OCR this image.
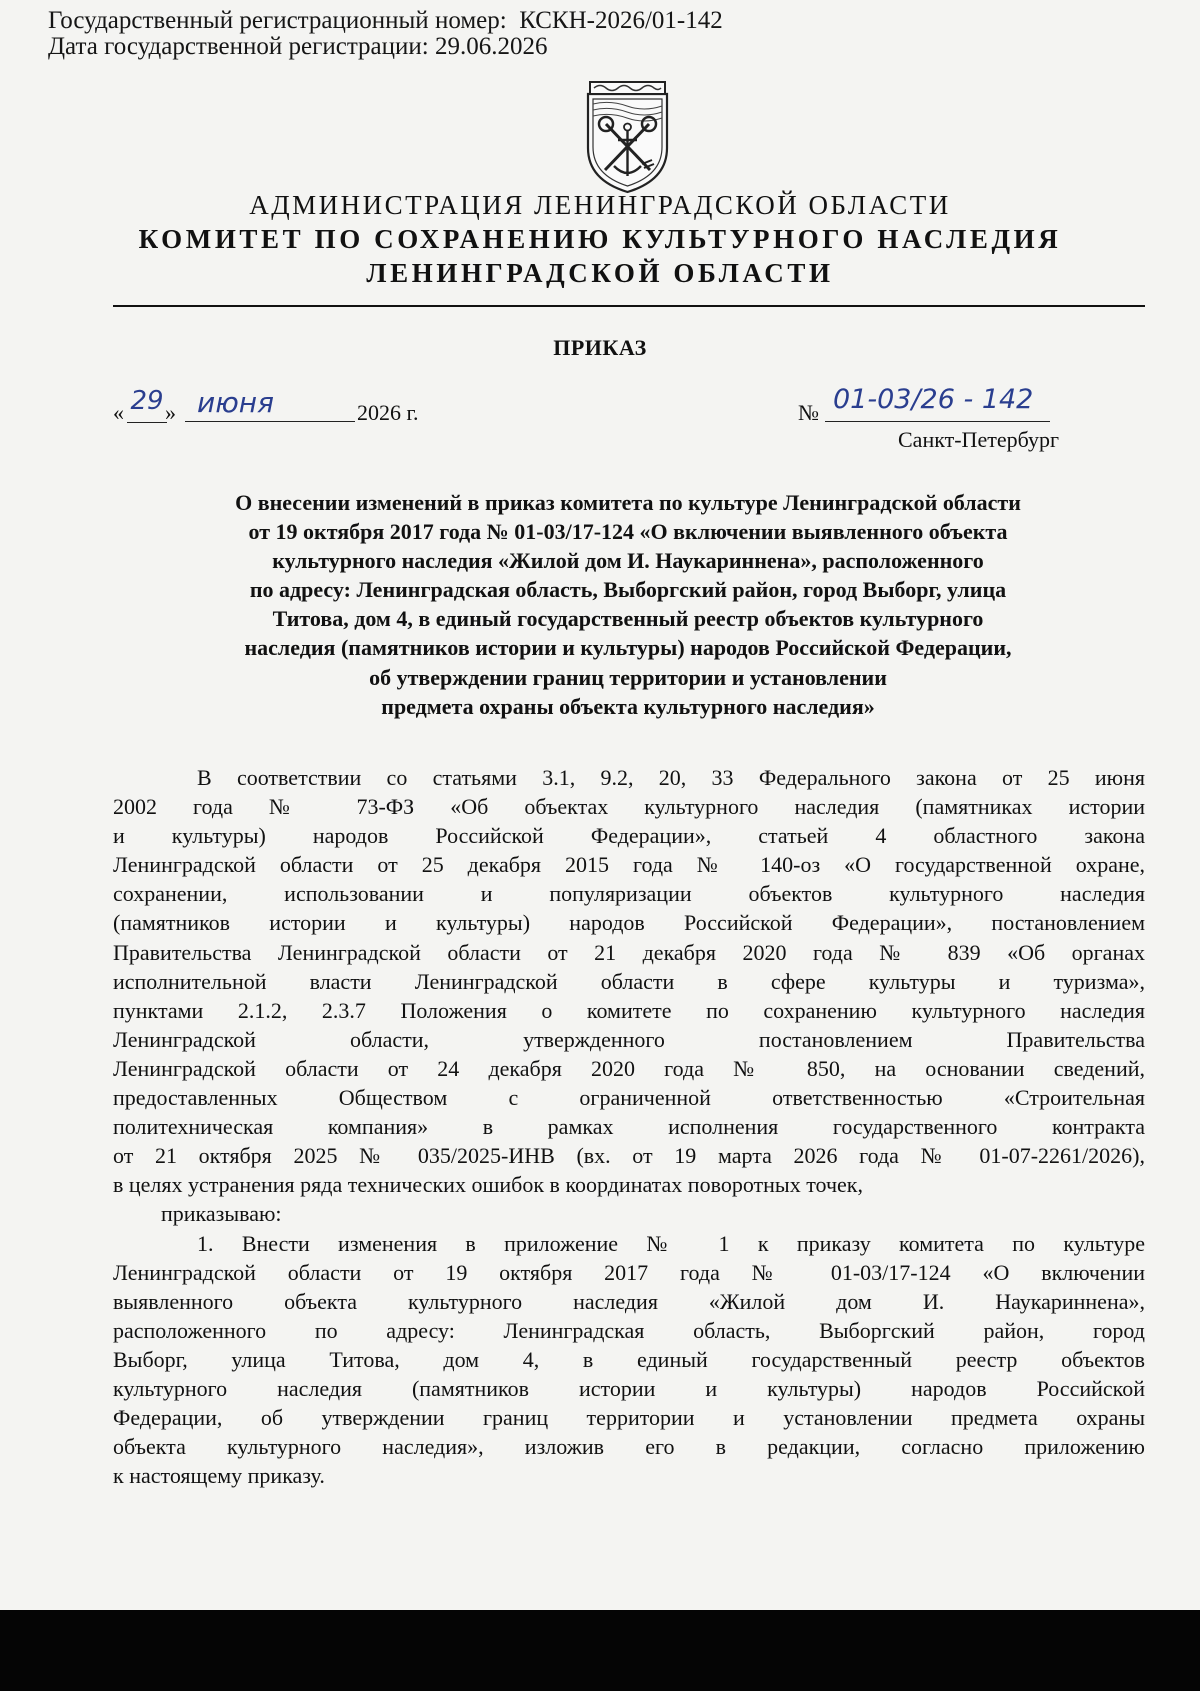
Государственный регистрационный номер:  КСКН-2026/01-142
Дата государственной регистрации: 29.06.2026
АДМИНИСТРАЦИЯ ЛЕНИНГРАДСКОЙ ОБЛАСТИ
КОМИТЕТ ПО СОХРАНЕНИЮ КУЛЬТУРНОГО НАСЛЕДИЯ
ЛЕНИНГРАДСКОЙ ОБЛАСТИ
ПРИКАЗ
« 29 » июня	2026 г.	№ 01-03/26 - 142
Санкт-Петербург
О внесении изменений в приказ комитета по культуре Ленинградской области
от 19 октября 2017 года № 01-03/17-124 «О включении выявленного объекта
культурного наследия «Жилой дом И. Наукариннена», расположенного
по адресу: Ленинградская область, Выборгский район, город Выборг, улица
Титова, дом 4, в единый государственный реестр объектов культурного
наследия (памятников истории и культуры) народов Российской Федерации,
об утверждении границ территории и установлении
предмета охраны объекта культурного наследия»
В соответствии со статьями 3.1, 9.2, 20, 33 Федерального закона от 25 июня
2002 года № 73-ФЗ «Об объектах культурного наследия (памятниках истории
и культуры) народов Российской Федерации», статьей 4 областного закона
Ленинградской области от 25 декабря 2015 года № 140-оз «О государственной охране,
сохранении, использовании и популяризации объектов культурного наследия
(памятников истории и культуры) народов Российской Федерации», постановлением
Правительства Ленинградской области от 21 декабря 2020 года № 839 «Об органах
исполнительной власти Ленинградской области в сфере культуры и туризма»,
пунктами 2.1.2, 2.3.7 Положения о комитете по сохранению культурного наследия
Ленинградской области, утвержденного постановлением Правительства
Ленинградской области от 24 декабря 2020 года № 850, на основании сведений,
предоставленных Обществом с ограниченной ответственностью «Строительная
политехническая компания» в рамках исполнения государственного контракта
от 21 октября 2025 № 035/2025-ИНВ (вх. от 19 марта 2026 года № 01-07-2261/2026),
в целях устранения ряда технических ошибок в координатах поворотных точек,
приказываю:
1. Внести изменения в приложение № 1 к приказу комитета по культуре
Ленинградской области от 19 октября 2017 года № 01-03/17-124 «О включении
выявленного объекта культурного наследия «Жилой дом И. Наукариннена»,
расположенного по адресу: Ленинградская область, Выборгский район, город
Выборг, улица Титова, дом 4, в единый государственный реестр объектов
культурного наследия (памятников истории и культуры) народов Российской
Федерации, об утверждении границ территории и установлении предмета охраны
объекта культурного наследия», изложив его в редакции, согласно приложению
к настоящему приказу.
